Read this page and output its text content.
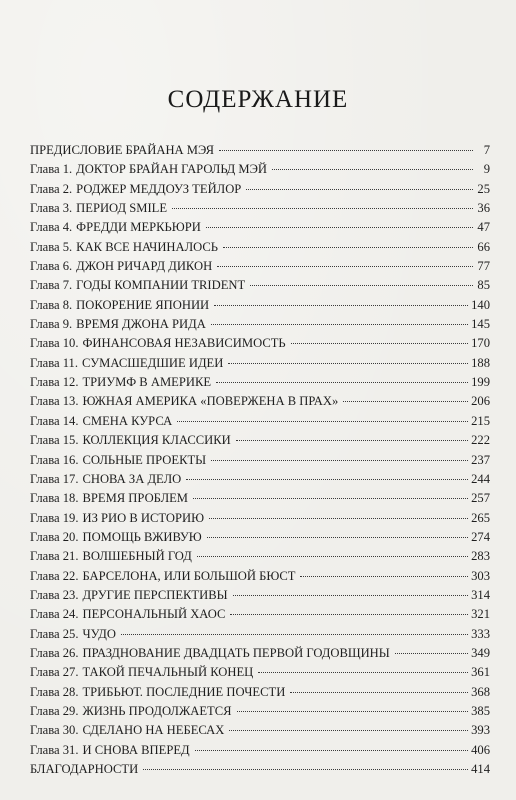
СОДЕРЖАНИЕ
ПРЕДИСЛОВИЕ БРАЙАНА МЭЯ	7
Глава 1. ДОКТОР БРАЙАН ГАРОЛЬД МЭЙ	9
Глава 2. РОДЖЕР МЕДДОУЗ ТЕЙЛОР	25
Глава 3. ПЕРИОД SMILE	36
Глава 4. ФРЕДДИ МЕРКЬЮРИ	47
Глава 5. КАК ВСЕ НАЧИНАЛОСЬ	66
Глава 6. ДЖОН РИЧАРД ДИКОН	77
Глава 7. ГОДЫ КОМПАНИИ TRIDENT	85
Глава 8. ПОКОРЕНИЕ ЯПОНИИ	140
Глава 9. ВРЕМЯ ДЖОНА РИДА	145
Глава 10. ФИНАНСОВАЯ НЕЗАВИСИМОСТЬ	170
Глава 11. СУМАСШЕДШИЕ ИДЕИ	188
Глава 12. ТРИУМФ В АМЕРИКЕ	199
Глава 13. ЮЖНАЯ АМЕРИКА «ПОВЕРЖЕНА В ПРАХ»	206
Глава 14. СМЕНА КУРСА	215
Глава 15. КОЛЛЕКЦИЯ КЛАССИКИ	222
Глава 16. СОЛЬНЫЕ ПРОЕКТЫ	237
Глава 17. СНОВА ЗА ДЕЛО	244
Глава 18. ВРЕМЯ ПРОБЛЕМ	257
Глава 19. ИЗ РИО В ИСТОРИЮ	265
Глава 20. ПОМОЩЬ ВЖИВУЮ	274
Глава 21. ВОЛШЕБНЫЙ ГОД	283
Глава 22. БАРСЕЛОНА, ИЛИ БОЛЬШОЙ БЮСТ	303
Глава 23. ДРУГИЕ ПЕРСПЕКТИВЫ	314
Глава 24. ПЕРСОНАЛЬНЫЙ ХАОС	321
Глава 25. ЧУДО	333
Глава 26. ПРАЗДНОВАНИЕ ДВАДЦАТЬ ПЕРВОЙ ГОДОВЩИНЫ	349
Глава 27. ТАКОЙ ПЕЧАЛЬНЫЙ КОНЕЦ	361
Глава 28. ТРИБЬЮТ. ПОСЛЕДНИЕ ПОЧЕСТИ	368
Глава 29. ЖИЗНЬ ПРОДОЛЖАЕТСЯ	385
Глава 30. СДЕЛАНО НА НЕБЕСАХ	393
Глава 31. И СНОВА ВПЕРЕД	406
БЛАГОДАРНОСТИ	414
